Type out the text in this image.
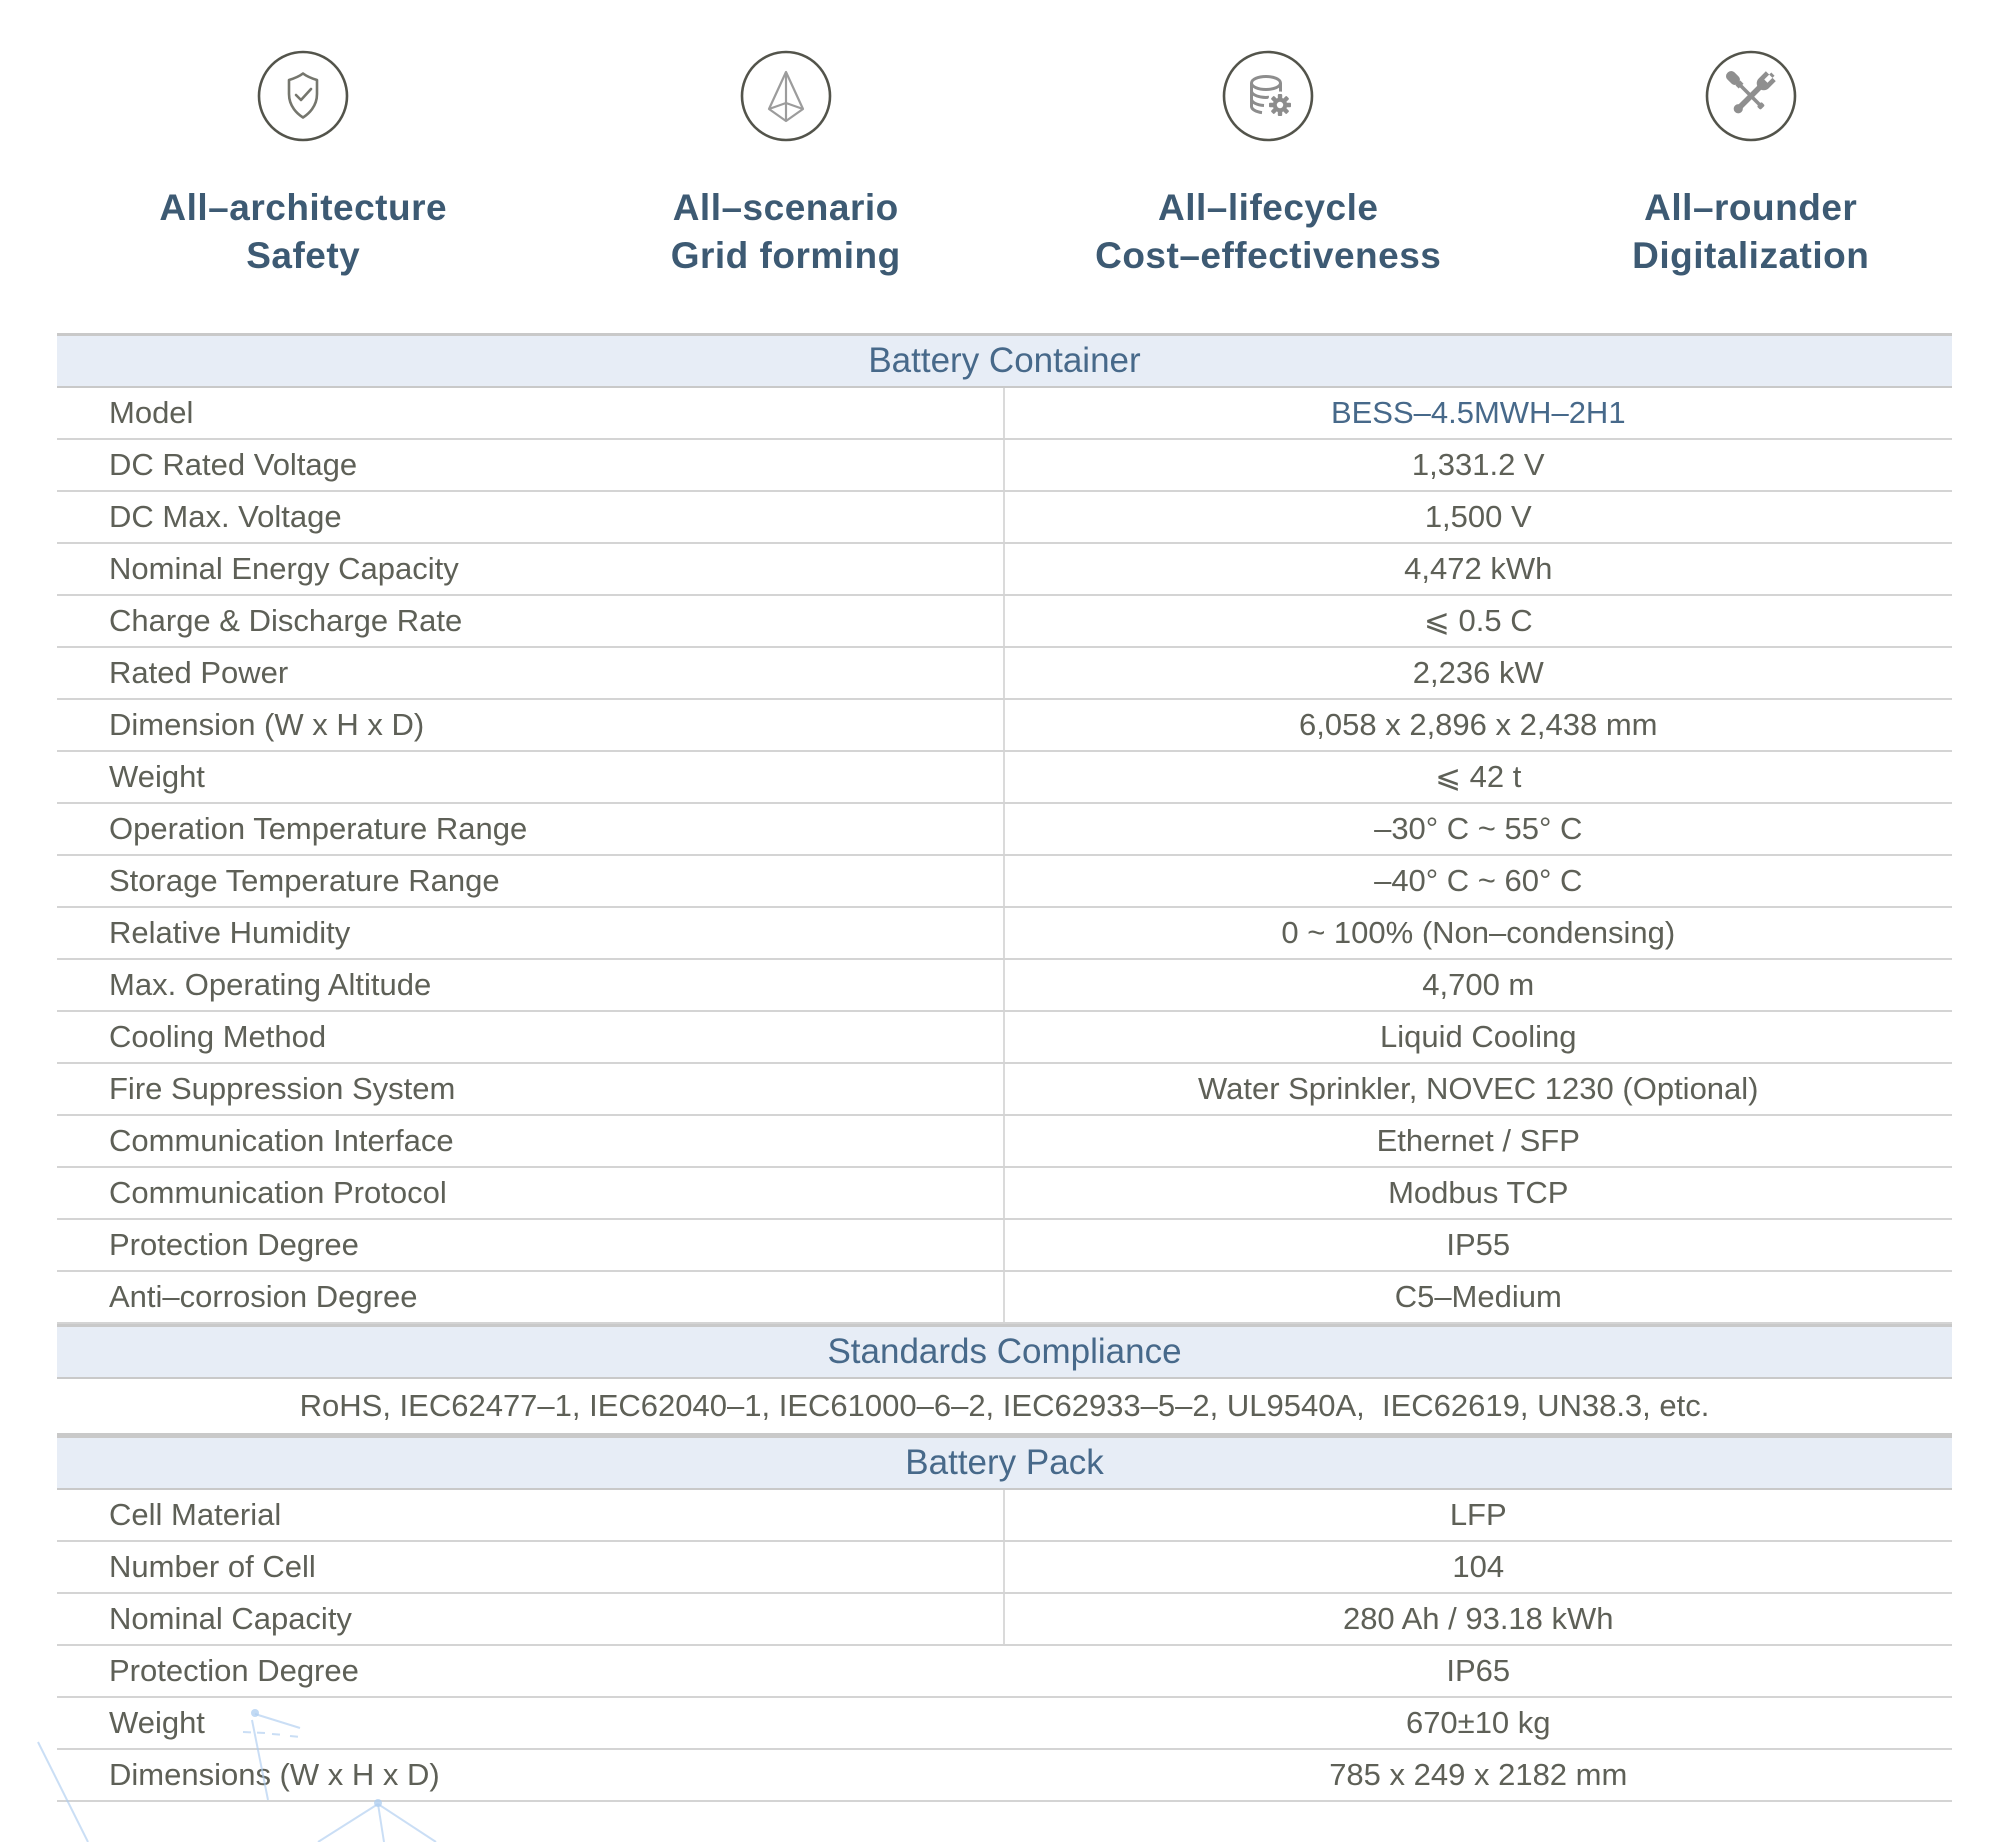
All–architecture
Safety
All–scenario
Grid forming
All–lifecycle
Cost–effectiveness
All–rounder
Digitalization
Battery Container
Model	BESS–4.5MWH–2H1
DC Rated Voltage	1,331.2 V
DC Max. Voltage	1,500 V
Nominal Energy Capacity	4,472 kWh
Charge & Discharge Rate	⩽ 0.5 C
Rated Power	2,236 kW
Dimension (W x H x D)	6,058 x 2,896 x 2,438 mm
Weight	⩽ 42 t
Operation Temperature Range	–30° C ~ 55° C
Storage Temperature Range	–40° C ~ 60° C
Relative Humidity	0 ~ 100% (Non–condensing)
Max. Operating Altitude	4,700 m
Cooling Method	Liquid Cooling
Fire Suppression System	Water Sprinkler, NOVEC 1230 (Optional)
Communication Interface	Ethernet / SFP
Communication Protocol	Modbus TCP
Protection Degree	IP55
Anti–corrosion Degree	C5–Medium
Standards Compliance
RoHS, IEC62477–1, IEC62040–1, IEC61000–6–2, IEC62933–5–2, UL9540A,  IEC62619, UN38.3, etc.
Battery Pack
Cell Material	LFP
Number of Cell	104
Nominal Capacity	280 Ah / 93.18 kWh
Protection Degree	IP65
Weight	670±10 kg
Dimensions (W x H x D)	785 x 249 x 2182 mm
